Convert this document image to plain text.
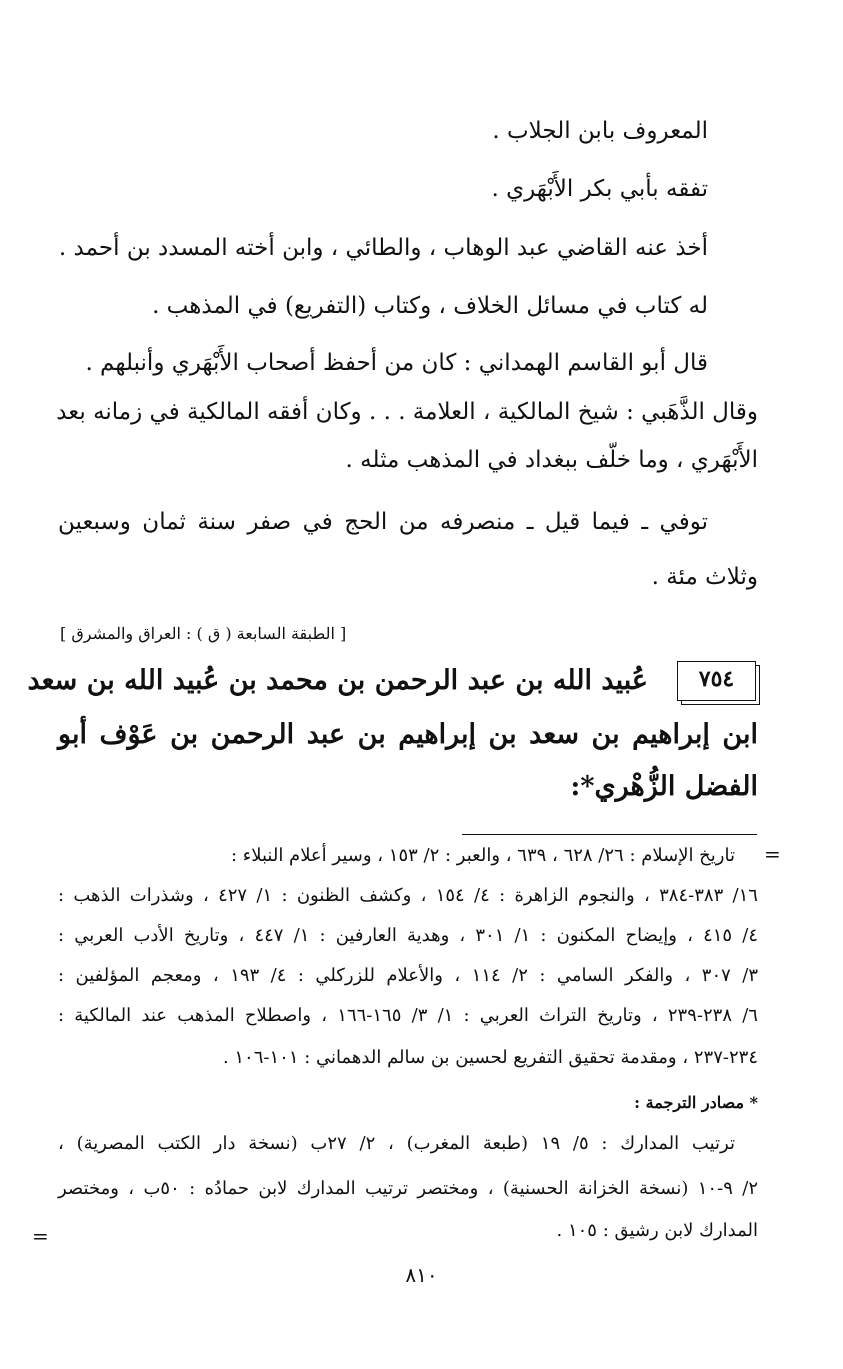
المعروف بابن الجلاب .
تفقه بأبي بكر الأَبْهَري .
أخذ عنه القاضي عبد الوهاب ، والطائي ، وابن أخته المسدد بن أحمد .
له كتاب في مسائل الخلاف ، وكتاب (التفريع) في المذهب .
قال أبو القاسم الهمداني : كان من أحفظ أصحاب الأَبْهَري وأنبلهم .
وقال الذَّهَبي : شيخ المالكية ، العلامة . . . وكان أفقه المالكية في زمانه بعد
الأَبْهَري ، وما خلّف ببغداد في المذهب مثله .
توفي ـ فيما قيل ـ منصرفه من الحج في صفر سنة ثمان وسبعين
وثلاث مئة .
[ الطبقة السابعة ( ق ) : العراق والمشرق ]
٧٥٤
عُبيد الله بن عبد الرحمن بن محمد بن عُبيد الله بن سعد
ابن إبراهيم بن سعد بن إبراهيم بن عبد الرحمن بن عَوْف أبو
الفضل الزُّهْري*:
=
تاريخ الإسلام : ٢٦/ ٦٢٨ ، ٦٣٩ ، والعبر : ٢/ ١٥٣ ، وسير أعلام النبلاء :
١٦/ ٣٨٣-٣٨٤ ، والنجوم الزاهرة : ٤/ ١٥٤ ، وكشف الظنون : ١/ ٤٢٧ ، وشذرات الذهب :
٤/ ٤١٥ ، وإيضاح المكنون : ١/ ٣٠١ ، وهدية العارفين : ١/ ٤٤٧ ، وتاريخ الأدب العربي :
٣/ ٣٠٧ ، والفكر السامي : ٢/ ١١٤ ، والأعلام للزركلي : ٤/ ١٩٣ ، ومعجم المؤلفين :
٦/ ٢٣٨-٢٣٩ ، وتاريخ التراث العربي : ١/ ٣/ ١٦٥-١٦٦ ، واصطلاح المذهب عند المالكية :
٢٣٤-٢٣٧ ، ومقدمة تحقيق التفريع لحسين بن سالم الدهماني : ١٠١-١٠٦ .
* مصادر الترجمة :
ترتيب المدارك : ٥/ ١٩ (طبعة المغرب) ، ٢/ ٢٧ب (نسخة دار الكتب المصرية) ،
٢/ ٩-١٠ (نسخة الخزانة الحسنية) ، ومختصر ترتيب المدارك لابن حمادُه : ٥٠ب ، ومختصر
المدارك لابن رشيق : ١٠٥ .
=
٨١٠
